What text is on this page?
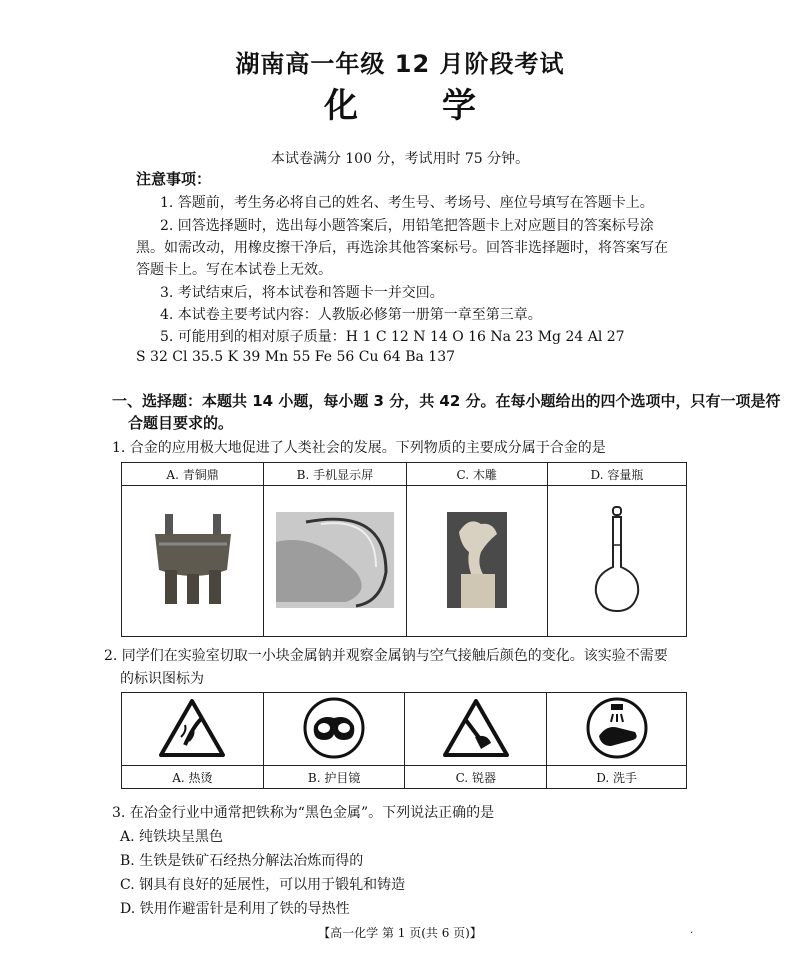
湖南高一年级 12 月阶段考试
化 学
本试卷满分 100 分，考试用时 75 分钟。
注意事项：
1. 答题前，考生务必将自己的姓名、考生号、考场号、座位号填写在答题卡上。
2. 回答选择题时，选出每小题答案后，用铅笔把答题卡上对应题目的答案标号涂
黑。如需改动，用橡皮擦干净后，再选涂其他答案标号。回答非选择题时，将答案写在
答题卡上。写在本试卷上无效。
3. 考试结束后，将本试卷和答题卡一并交回。
4. 本试卷主要考试内容：人教版必修第一册第一章至第三章。
5. 可能用到的相对原子质量：H 1 C 12 N 14 O 16 Na 23 Mg 24 Al 27
S 32 Cl 35.5 K 39 Mn 55 Fe 56 Cu 64 Ba 137
一、选择题：本题共 14 小题，每小题 3 分，共 42 分。在每小题给出的四个选项中，只有一项是符
合题目要求的。
1. 合金的应用极大地促进了人类社会的发展。下列物质的主要成分属于合金的是
A. 青铜鼎	B. 手机显示屏	C. 木雕	D. 容量瓶

2. 同学们在实验室切取一小块金属钠并观察金属钠与空气接触后颜色的变化。该实验不需要
的标识图标为

A. 热烫	B. 护目镜	C. 锐器	D. 洗手
3. 在冶金行业中通常把铁称为“黑色金属”。下列说法正确的是
A. 纯铁块呈黑色
B. 生铁是铁矿石经热分解法冶炼而得的
C. 钢具有良好的延展性，可以用于锻轧和铸造
D. 铁用作避雷针是利用了铁的导热性
【高一化学 第 1 页(共 6 页)】	·
